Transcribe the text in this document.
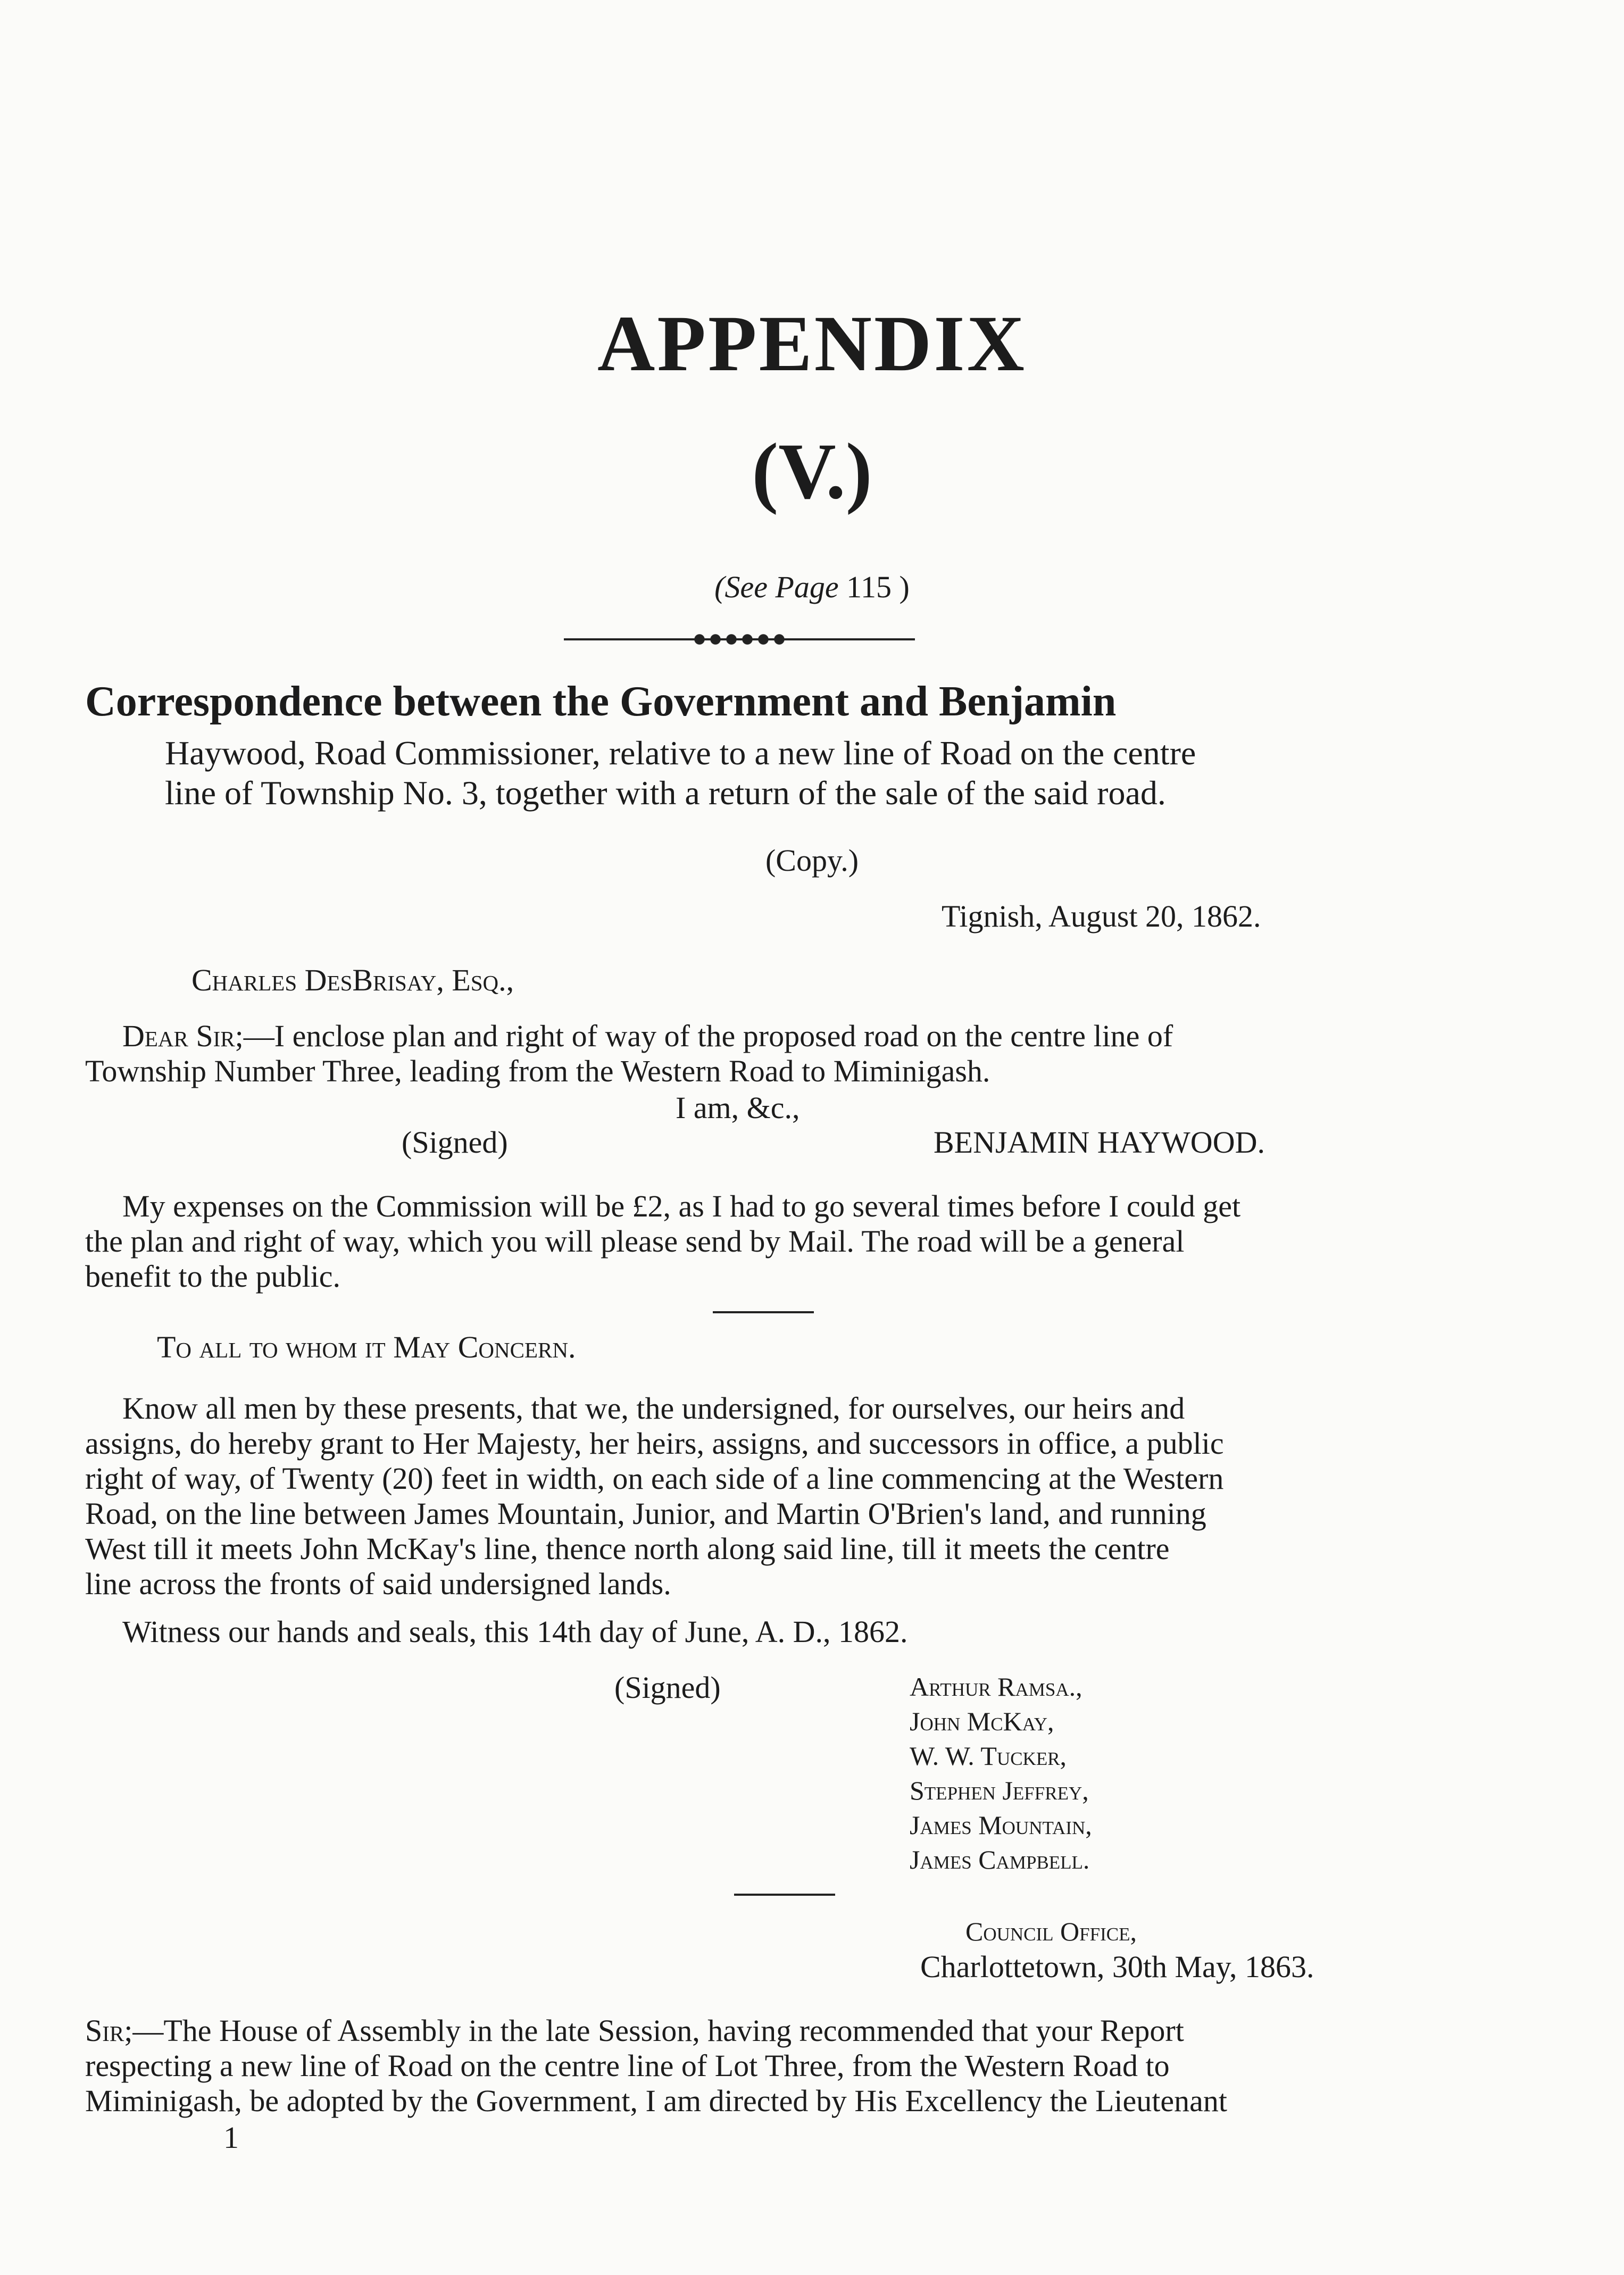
APPENDIX
(V.)
(See Page 115 )
Correspondence between the Government and Benjamin
Haywood, Road Commissioner, relative to a new line of Road on the centre
line of Township No. 3, together with a return of the sale of the said road.
(Copy.)
Tignish, August 20, 1862.
Charles DesBrisay, Esq.,
Dear Sir;—I enclose plan and right of way of the proposed road on the centre line of
Township Number Three, leading from the Western Road to Miminigash.
I am, &c.,
(Signed)	BENJAMIN HAYWOOD.
My expenses on the Commission will be £2, as I had to go several times before I could get
the plan and right of way, which you will please send by Mail. The road will be a general
benefit to the public.
To all to whom it May Concern.
Know all men by these presents, that we, the undersigned, for ourselves, our heirs and
assigns, do hereby grant to Her Majesty, her heirs, assigns, and successors in office, a public
right of way, of Twenty (20) feet in width, on each side of a line commencing at the Western
Road, on the line between James Mountain, Junior, and Martin O'Brien's land, and running
West till it meets John McKay's line, thence north along said line, till it meets the centre
line across the fronts of said undersigned lands.
Witness our hands and seals, this 14th day of June, A. D., 1862.
(Signed)	Arthur Ramsa.,
John McKay,
W. W. Tucker,
Stephen Jeffrey,
James Mountain,
James Campbell.
Council Office,
Charlottetown, 30th May, 1863.
Sir;—The House of Assembly in the late Session, having recommended that your Report
respecting a new line of Road on the centre line of Lot Three, from the Western Road to
Miminigash, be adopted by the Government, I am directed by His Excellency the Lieutenant
1
